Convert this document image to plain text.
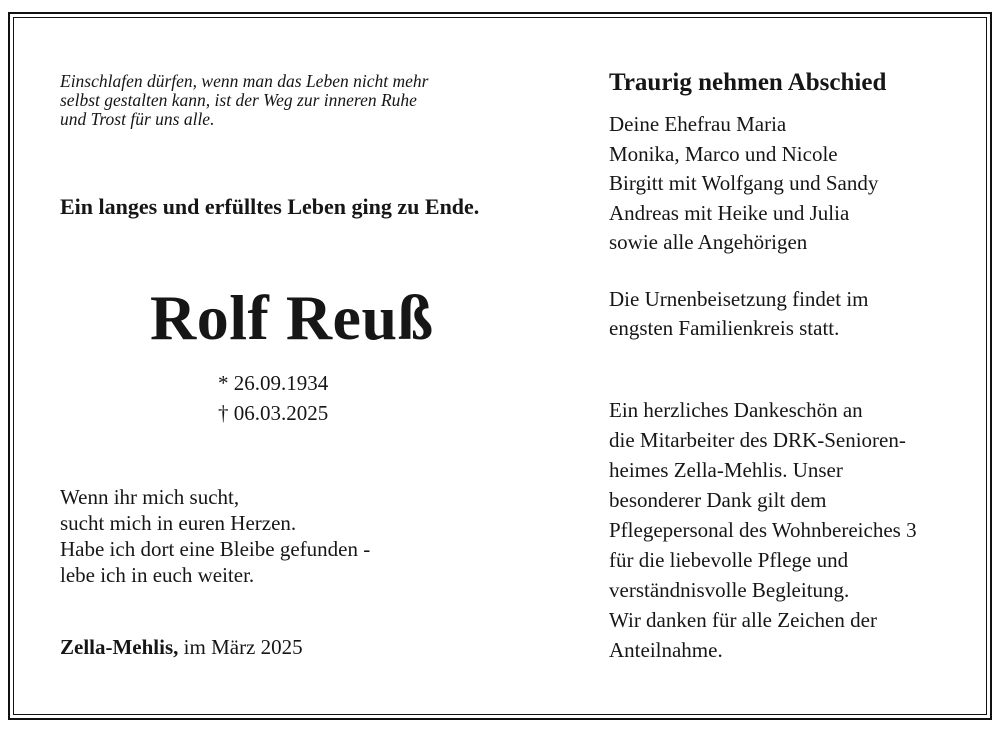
Einschlafen dürfen, wenn man das Leben nicht mehr
selbst gestalten kann, ist der Weg zur inneren Ruhe
und Trost für uns alle.

Ein langes und erfülltes Leben ging zu Ende.

Rolf Reuß

* 26.09.1934
† 06.03.2025
Wenn ihr mich sucht,
sucht mich in euren Herzen.
Habe ich dort eine Bleibe gefunden -
lebe ich in euch weiter.

Zella-Mehlis, im März 2025

Traurig nehmen Abschied

Deine Ehefrau Maria
Monika, Marco und Nicole
Birgitt mit Wolfgang und Sandy
Andreas mit Heike und Julia
sowie alle Angehörigen
Die Urnenbeisetzung findet im
engsten Familienkreis statt.
Ein herzliches Dankeschön an
die Mitarbeiter des DRK-Senioren-
heimes Zella-Mehlis. Unser
besonderer Dank gilt dem
Pflegepersonal des Wohnbereiches 3
für die liebevolle Pflege und
verständnisvolle Begleitung.
Wir danken für alle Zeichen der
Anteilnahme.
